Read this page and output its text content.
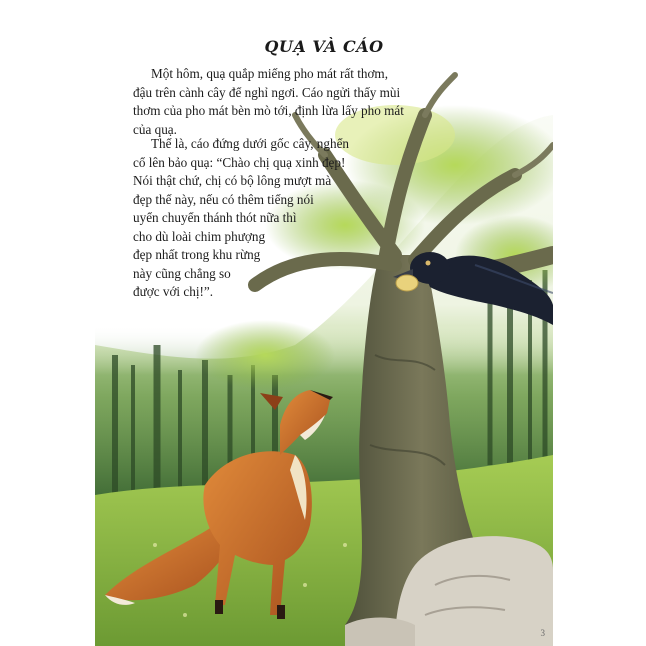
QUẠ VÀ CÁO

Một hôm, quạ quắp miếng pho mát rất thơm,
đậu trên cành cây để nghỉ ngơi. Cáo ngửi thấy mùi
thơm của pho mát bèn mò tới, định lừa lấy pho mát
của quạ.

Thế là, cáo đứng dưới gốc cây, nghển
cổ lên bảo quạ: “Chào chị quạ xinh đẹp!
Nói thật chứ, chị có bộ lông mượt mà
đẹp thế này, nếu có thêm tiếng nói
uyển chuyển thánh thót nữa thì
cho dù loài chim phượng
đẹp nhất trong khu rừng
này cũng chẳng so
được với chị!”.

3
